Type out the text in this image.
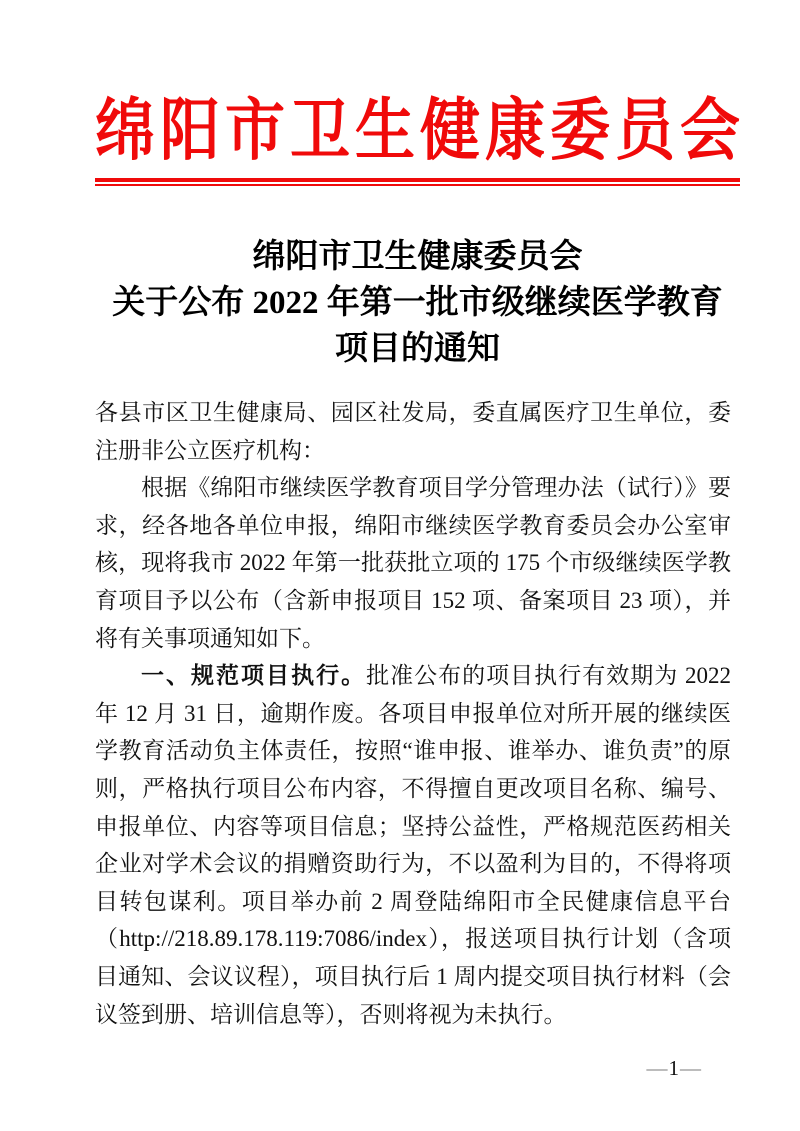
绵阳市卫生健康委员会
绵阳市卫生健康委员会
关于公布 2022 年第一批市级继续医学教育
项目的通知

各县市区卫生健康局、园区社发局，委直属医疗卫生单位，委注册非公立医疗机构：

根据《绵阳市继续医学教育项目学分管理办法（试行）》要求，经各地各单位申报，绵阳市继续医学教育委员会办公室审核，现将我市 2022 年第一批获批立项的 175 个市级继续医学教育项目予以公布（含新申报项目 152 项、备案项目 23 项），并将有关事项通知如下。

一、规范项目执行。批准公布的项目执行有效期为 2022 年 12 月 31 日，逾期作废。各项目申报单位对所开展的继续医学教育活动负主体责任，按照“谁申报、谁举办、谁负责”的原则，严格执行项目公布内容，不得擅自更改项目名称、编号、申报单位、内容等项目信息；坚持公益性，严格规范医药相关企业对学术会议的捐赠资助行为，不以盈利为目的，不得将项目转包谋利。项目举办前 2 周登陆绵阳市全民健康信息平台（http://218.89.178.119:7086/index），报送项目执行计划（含项目通知、会议议程），项目执行后 1 周内提交项目执行材料（会议签到册、培训信息等），否则将视为未执行。

—1—
